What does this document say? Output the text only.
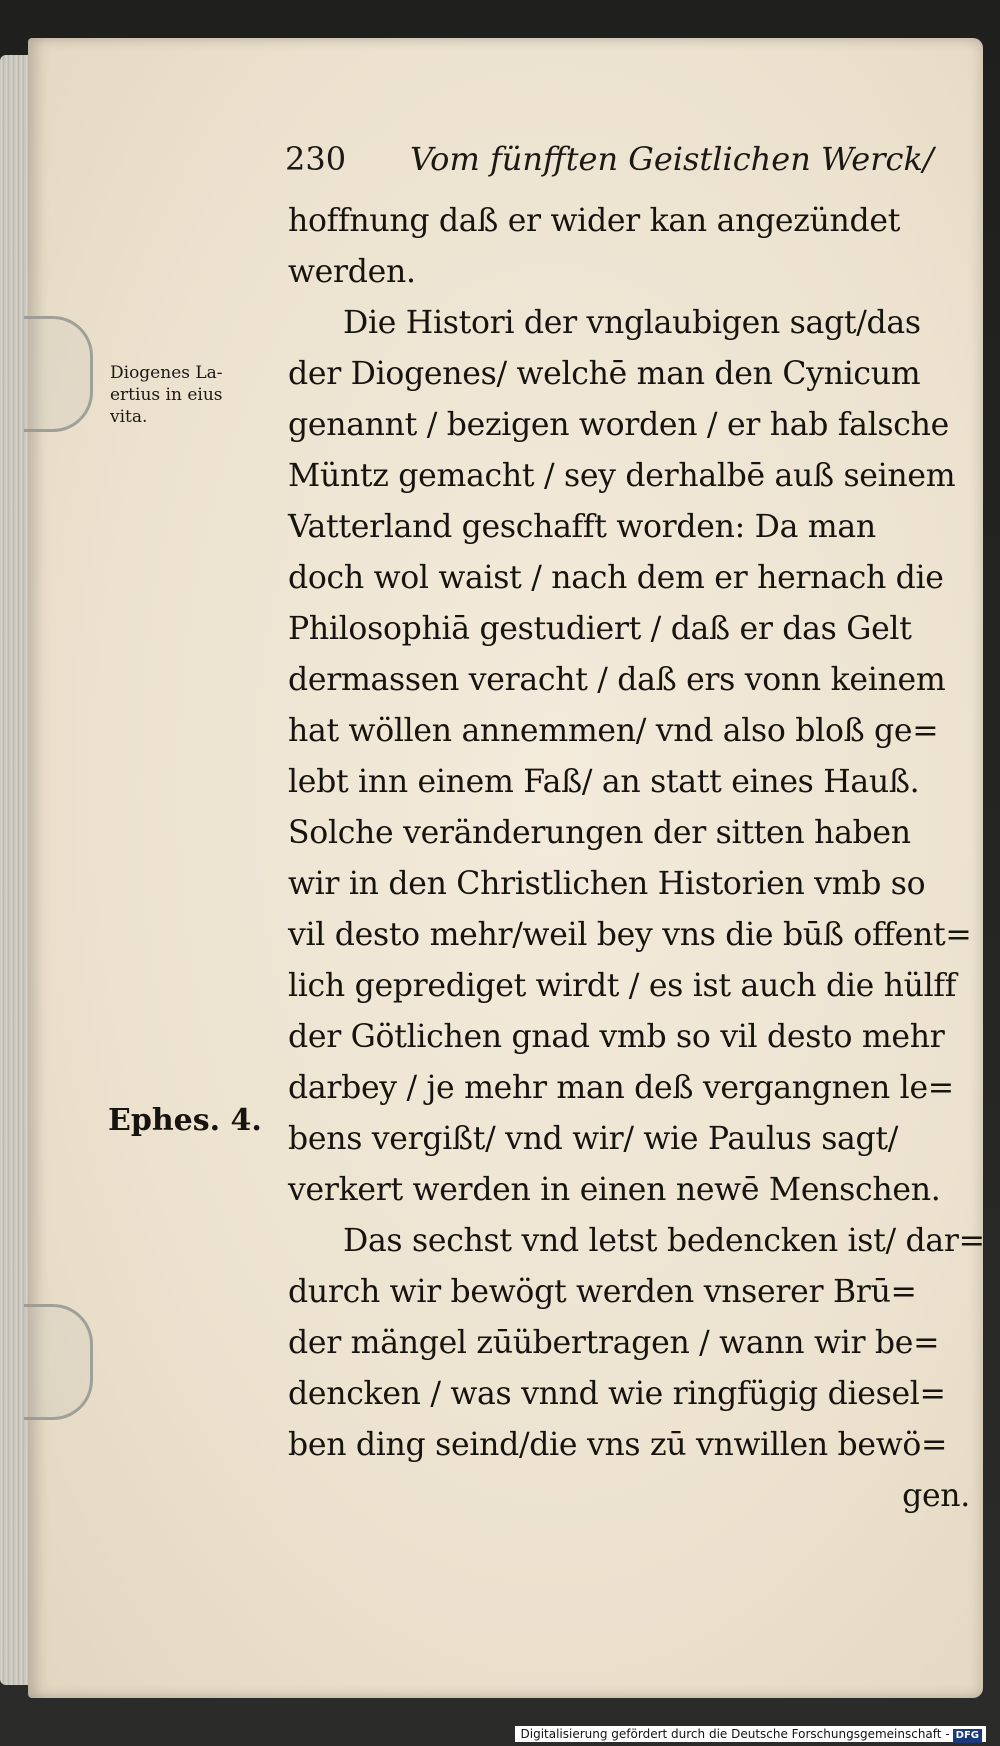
230 Vom fünfften Geistlichen Werck/
Diogenes La-
ertius in eius
vita.
Ephes. 4.
hoffnung daß er wider kan angezündet
werden.
Die Histori der vnglaubigen sagt/das
der Diogenes/ welchē man den Cynicum
genannt / bezigen worden / er hab falsche
Müntz gemacht / sey derhalbē auß seinem
Vatterland geschafft worden: Da man
doch wol waist / nach dem er hernach die
Philosophiā gestudiert / daß er das Gelt
dermassen veracht / daß ers vonn keinem
hat wöllen annemmen/ vnd also bloß ge=
lebt inn einem Faß/ an statt eines Hauß.
Solche veränderungen der sitten haben
wir in den Christlichen Historien vmb so
vil desto mehr/weil bey vns die būß offent=
lich geprediget wirdt / es ist auch die hülff
der Götlichen gnad vmb so vil desto mehr
darbey / je mehr man deß vergangnen le=
bens vergißt/ vnd wir/ wie Paulus sagt/
verkert werden in einen newē Menschen.
Das sechst vnd letst bedencken ist/ dar=
durch wir bewögt werden vnserer Brū=
der mängel zūübertragen / wann wir be=
dencken / was vnnd wie ringfügig diesel=
ben ding seind/die vns zū vnwillen bewö=
gen.
Digitalisierung gefördert durch die Deutsche Forschungsgemeinschaft - DFG
